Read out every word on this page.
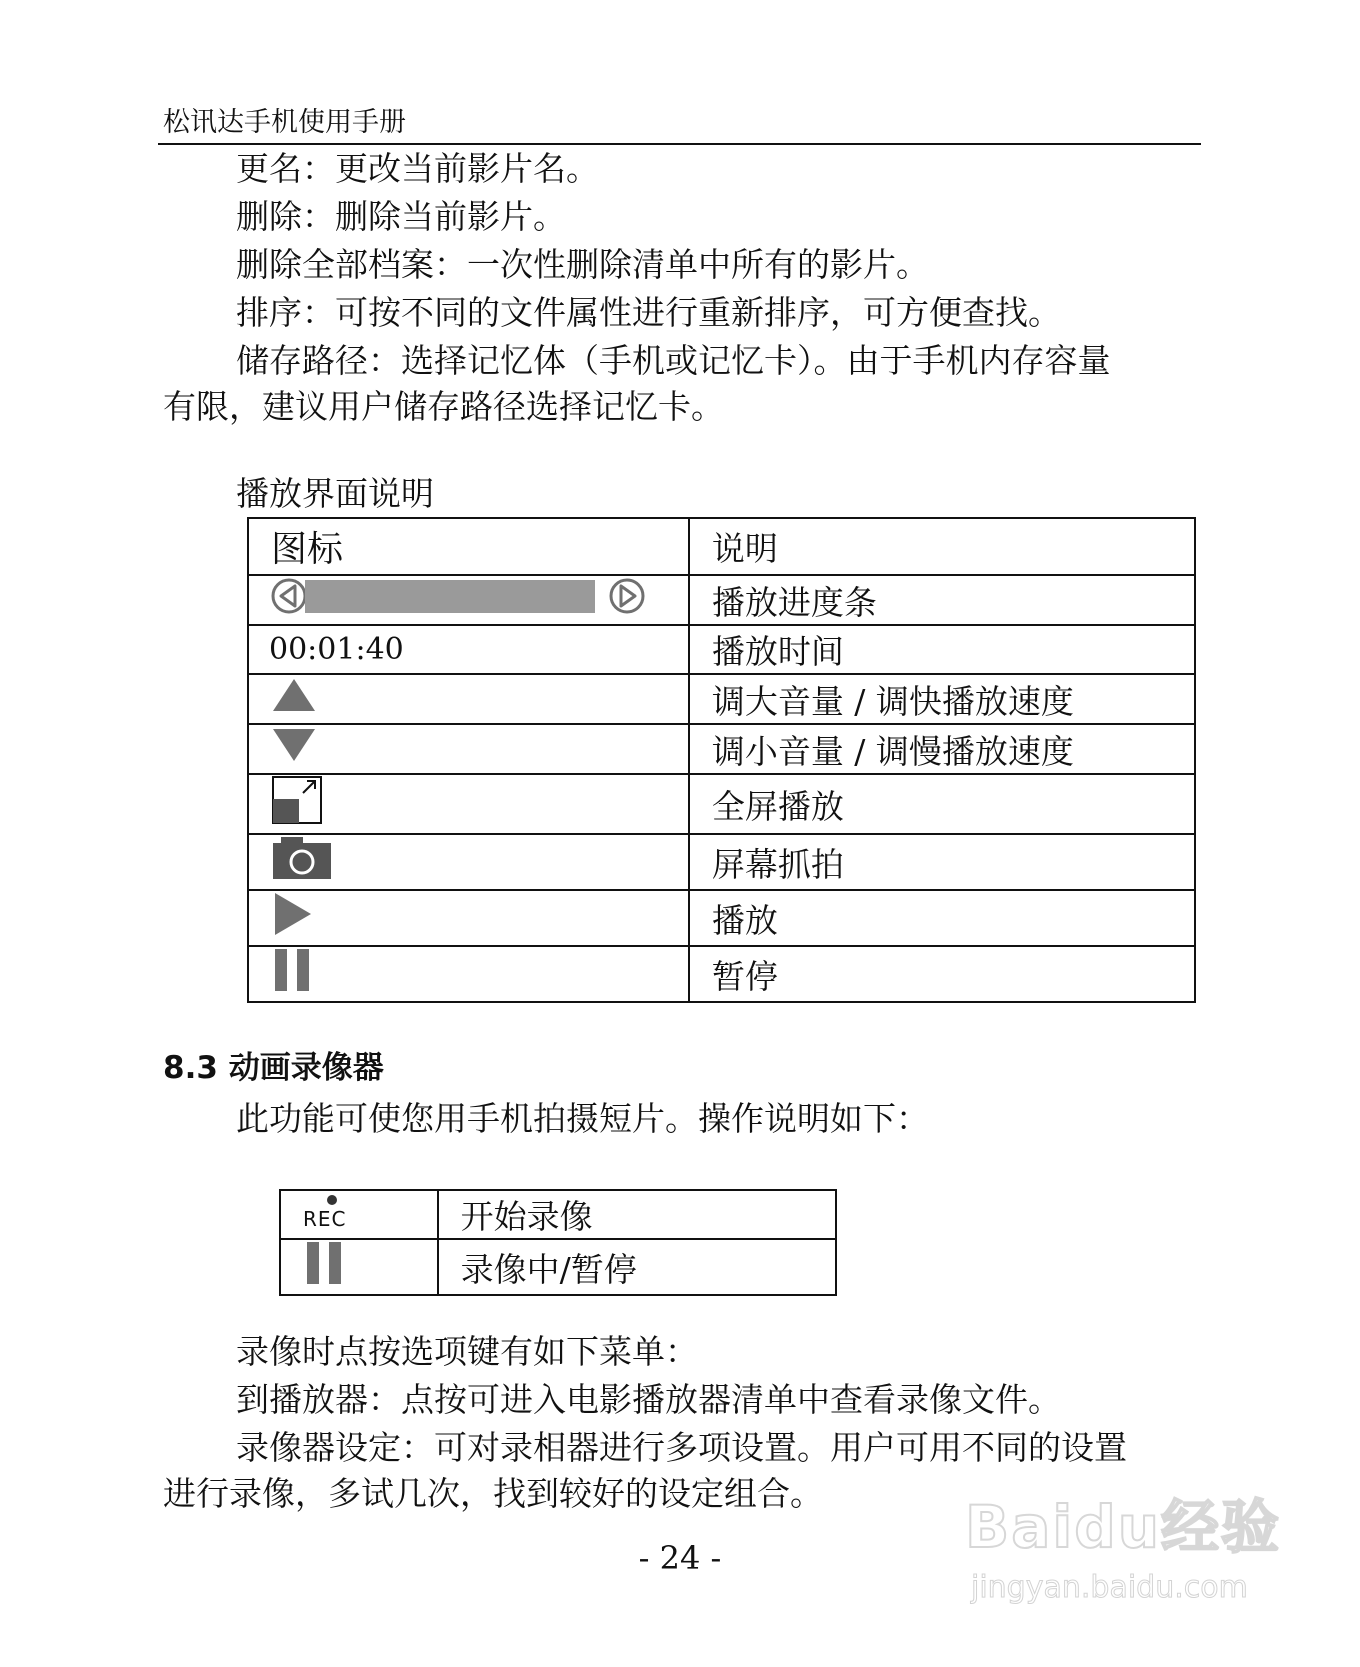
松讯达手机使用手册
更名：更改当前影片名。
删除：删除当前影片。
删除全部档案：一次性删除清单中所有的影片。
排序：可按不同的文件属性进行重新排序，可方便查找。
储存路径：选择记忆体（手机或记忆卡）。由于手机内存容量
有限，建议用户储存路径选择记忆卡。
播放界面说明
图标	说明
	播放进度条
00:01:40	播放时间
	调大音量 / 调快播放速度
	调小音量 / 调慢播放速度
	全屏播放
	屏幕抓拍
	播放
	暂停
8.3 动画录像器
此功能可使您用手机拍摄短片。操作说明如下：
REC	开始录像
	录像中/暂停
录像时点按选项键有如下菜单：
到播放器：点按可进入电影播放器清单中查看录像文件。
录像器设定：可对录相器进行多项设置。用户可用不同的设置
进行录像，多试几次，找到较好的设定组合。
- 24 -	Baidu经验
jingyan.baidu.com
